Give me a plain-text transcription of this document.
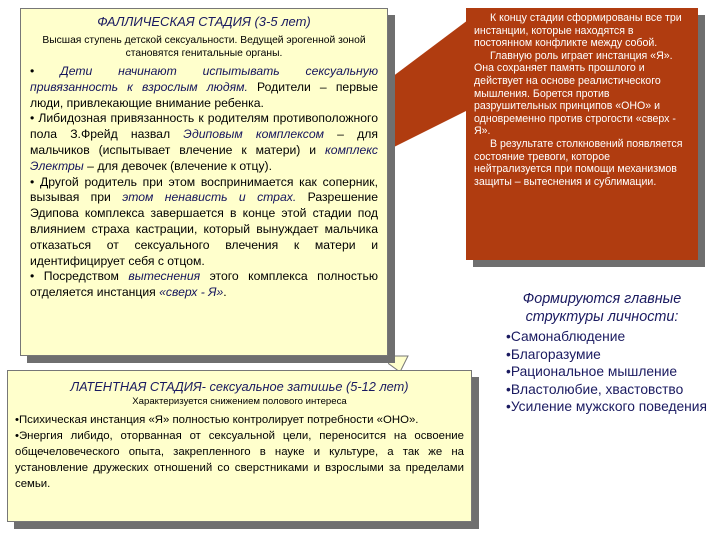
ФАЛЛИЧЕСКАЯ СТАДИЯ (3-5 лет)
Высшая ступень детской сексуальности. Ведущей эрогенной зоной становятся генитальные органы.

• Дети начинают испытывать сексуальную привязанность к взрослым людям. Родители – первые люди, привлекающие внимание ребенка.

• Либидозная привязанность к родителям противоположного пола З.Фрейд назвал Эдиповым комплексом – для мальчиков (испытывает влечение к матери) и комплекс Электры – для девочек (влечение к отцу).

• Другой родитель при этом воспринимается как соперник, вызывая при этом ненависть и страх. Разрешение Эдипова комплекса завершается в конце этой стадии под влиянием страха кастрации, который вынуждает мальчика отказаться от сексуального влечения к матери и идентифицирует себя с отцом.

• Посредством вытеснения этого комплекса полностью отделяется инстанция «сверх - Я».

К концу стадии сформированы все три инстанции, которые находятся в постоянном конфликте между собой.

Главную роль играет инстанция «Я». Она сохраняет память прошлого и действует на основе реалистического мышления. Борется против разрушительных принципов «ОНО» и одновременно против строгости «сверх - Я».

В результате столкновений появляется состояние тревоги, которое нейтрализуется при помощи механизмов защиты – вытеснения и сублимации.

Формируются главные структуры личности:
•Самонаблюдение
•Благоразумие
•Рациональное мышление
•Властолюбие, хвастовство
•Усиление мужского поведения
ЛАТЕНТНАЯ СТАДИЯ- сексуальное затишье (5-12 лет)
Характеризуется снижением полового интереса

•Психическая инстанция «Я» полностью контролирует потребности «ОНО».

•Энергия либидо, оторванная от сексуальной цели, переносится на освоение общечеловеческого опыта, закрепленного в науке и культуре, а так же на установление дружеских отношений со сверстниками и взрослыми за пределами семьи.
